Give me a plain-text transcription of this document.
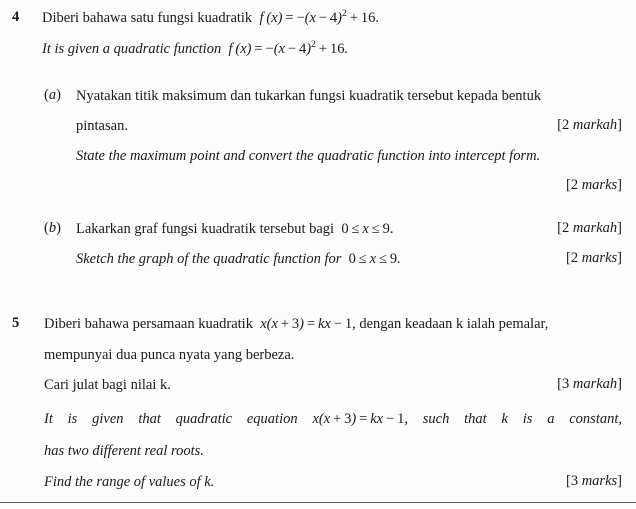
4 Diberi bahawa satu fungsi kuadratik f $(x) = -(x - 4)^2 + 16$.
It is given a quadratic function f $(x) = -(x - 4)^2 + 16$.
(a) Nyatakan titik maksimum dan tukarkan fungsi kuadratik tersebut kepada bentuk
pintasan.	[2 markah]
State the maximum point and convert the quadratic function into intercept form.
[2 marks]
(b) Lakarkan graf fungsi kuadratik tersebut bagi 0 ≤ x ≤ 9.	[2 markah]
Sketch the graph of the quadratic function for 0 ≤ x ≤ 9.	[2 marks]
5 Diberi bahawa persamaan kuadratik x(x + 3) = kx − 1, dengan keadaan k ialah pemalar,
mempunyai dua punca nyata yang berbeza.
Cari julat bagi nilai k.	[3 markah]
It is given that quadratic equation x(x + 3) = kx − 1, such that k is a constant,
has two different real roots.
Find the range of values of k.	[3 marks]
